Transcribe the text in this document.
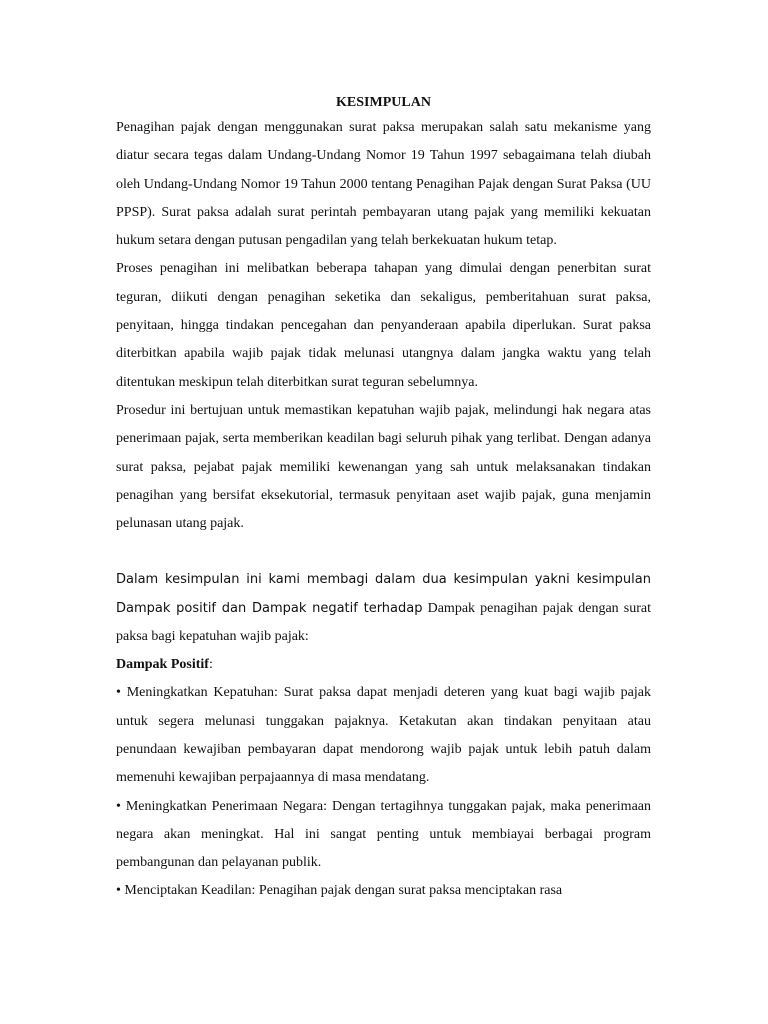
KESIMPULAN

Penagihan pajak dengan menggunakan surat paksa merupakan salah satu mekanisme yang diatur secara tegas dalam Undang-Undang Nomor 19 Tahun 1997 sebagaimana telah diubah oleh Undang-Undang Nomor 19 Tahun 2000 tentang Penagihan Pajak dengan Surat Paksa (UU PPSP). Surat paksa adalah surat perintah pembayaran utang pajak yang memiliki kekuatan hukum setara dengan putusan pengadilan yang telah berkekuatan hukum tetap.

Proses penagihan ini melibatkan beberapa tahapan yang dimulai dengan penerbitan surat teguran, diikuti dengan penagihan seketika dan sekaligus, pemberitahuan surat paksa, penyitaan, hingga tindakan pencegahan dan penyanderaan apabila diperlukan. Surat paksa diterbitkan apabila wajib pajak tidak melunasi utangnya dalam jangka waktu yang telah ditentukan meskipun telah diterbitkan surat teguran sebelumnya.

Prosedur ini bertujuan untuk memastikan kepatuhan wajib pajak, melindungi hak negara atas penerimaan pajak, serta memberikan keadilan bagi seluruh pihak yang terlibat. Dengan adanya surat paksa, pejabat pajak memiliki kewenangan yang sah untuk melaksanakan tindakan penagihan yang bersifat eksekutorial, termasuk penyitaan aset wajib pajak, guna menjamin pelunasan utang pajak.

Dalam kesimpulan ini kami membagi dalam dua kesimpulan yakni kesimpulan Dampak positif dan Dampak negatif terhadap Dampak penagihan pajak dengan surat paksa bagi kepatuhan wajib pajak:

Dampak Positif:

• Meningkatkan Kepatuhan: Surat paksa dapat menjadi deteren yang kuat bagi wajib pajak untuk segera melunasi tunggakan pajaknya. Ketakutan akan tindakan penyitaan atau penundaan kewajiban pembayaran dapat mendorong wajib pajak untuk lebih patuh dalam memenuhi kewajiban perpajaannya di masa mendatang.

• Meningkatkan Penerimaan Negara: Dengan tertagihnya tunggakan pajak, maka penerimaan negara akan meningkat. Hal ini sangat penting untuk membiayai berbagai program pembangunan dan pelayanan publik.

• Menciptakan Keadilan: Penagihan pajak dengan surat paksa menciptakan rasa
